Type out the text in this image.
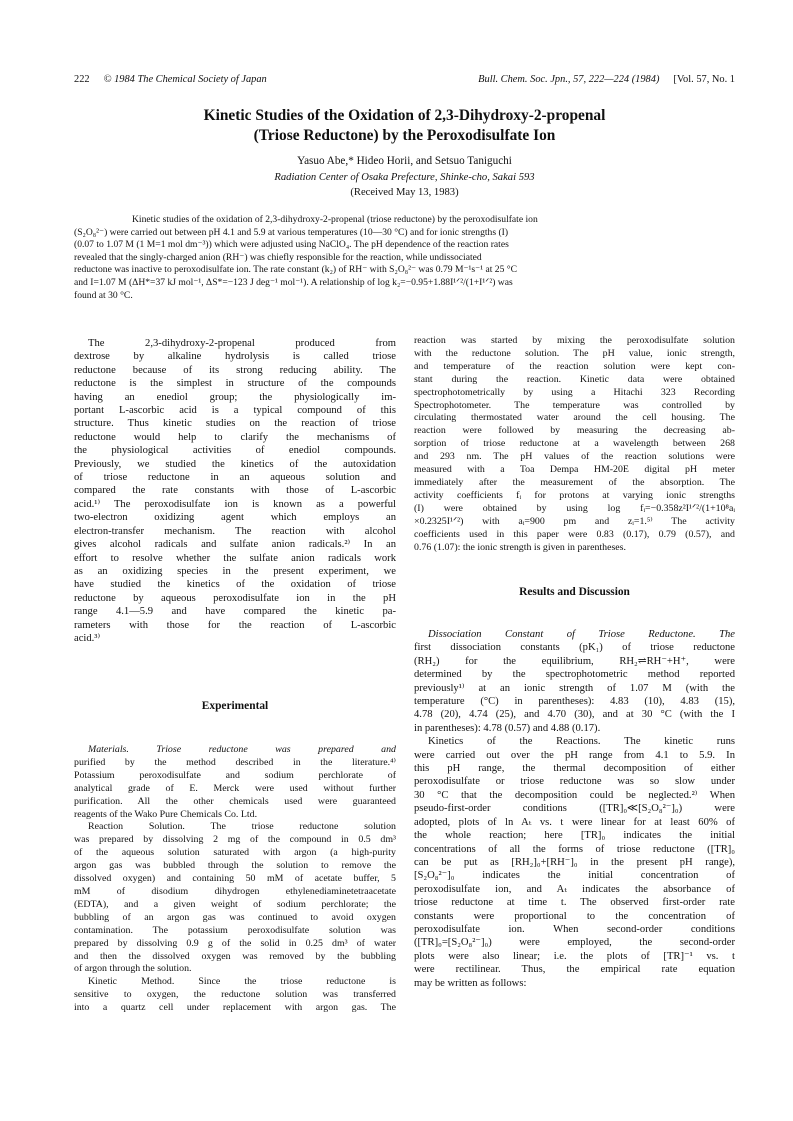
222 © 1984 The Chemical Society of Japan	Bull. Chem. Soc. Jpn., 57, 222—224 (1984) [Vol. 57, No. 1
Kinetic Studies of the Oxidation of 2,3-Dihydroxy-2-propenal
(Triose Reductone) by the Peroxodisulfate Ion
Yasuo Abe,* Hideo Horii, and Setsuo Taniguchi
Radiation Center of Osaka Prefecture, Shinke-cho, Sakai 593
(Received May 13, 1983)
Kinetic studies of the oxidation of 2,3-dihydroxy-2-propenal (triose reductone) by the peroxodisulfate ion
(S₂O₈²⁻) were carried out between pH 4.1 and 5.9 at various temperatures (10—30 °C) and for ionic strengths (I)
(0.07 to 1.07 M (1 M=1 mol dm⁻³)) which were adjusted using NaClO₄. The pH dependence of the reaction rates
revealed that the singly-charged anion (RH⁻) was chiefly responsible for the reaction, while undissociated
reductone was inactive to peroxodisulfate ion. The rate constant (k₂) of RH⁻ with S₂O₈²⁻ was 0.79 M⁻¹s⁻¹ at 25 °C
and I=1.07 M (ΔH*=37 kJ mol⁻¹, ΔS*=−123 J deg⁻¹ mol⁻¹). A relationship of log k₂=−0.95+1.88I¹ᐟ²/(1+I¹ᐟ²) was
found at 30 °C.
The 2,3-dihydroxy-2-propenal produced from
dextrose by alkaline hydrolysis is called triose
reductone because of its strong reducing ability. The
reductone is the simplest in structure of the compounds
having an enediol group; the physiologically im-
portant L-ascorbic acid is a typical compound of this
structure. Thus kinetic studies on the reaction of triose
reductone would help to clarify the mechanisms of
the physiological activities of enediol compounds.
Previously, we studied the kinetics of the autoxidation
of triose reductone in an aqueous solution and
compared the rate constants with those of L-ascorbic
acid.¹⁾ The peroxodisulfate ion is known as a powerful
two-electron oxidizing agent which employs an
electron-transfer mechanism. The reaction with alcohol
gives alcohol radicals and sulfate anion radicals.²⁾ In an
effort to resolve whether the sulfate anion radicals work
as an oxidizing species in the present experiment, we
have studied the kinetics of the oxidation of triose
reductone by aqueous peroxodisulfate ion in the pH
range 4.1—5.9 and have compared the kinetic pa-
rameters with those for the reaction of L-ascorbic
acid.³⁾
Experimental
Materials. Triose reductone was prepared and
purified by the method described in the literature.⁴⁾
Potassium peroxodisulfate and sodium perchlorate of
analytical grade of E. Merck were used without further
purification. All the other chemicals used were guaranteed
reagents of the Wako Pure Chemicals Co. Ltd.
Reaction Solution. The triose reductone solution
was prepared by dissolving 2 mg of the compound in 0.5 dm³
of the aqueous solution saturated with argon (a high-purity
argon gas was bubbled through the solution to remove the
dissolved oxygen) and containing 50 mM of acetate buffer, 5
mM of disodium dihydrogen ethylenediaminetetraacetate
(EDTA), and a given weight of sodium perchlorate; the
bubbling of an argon gas was continued to avoid oxygen
contamination. The potassium peroxodisulfate solution was
prepared by dissolving 0.9 g of the solid in 0.25 dm³ of water
and then the dissolved oxygen was removed by the bubbling
of argon through the solution.
Kinetic Method. Since the triose reductone is
sensitive to oxygen, the reductone solution was transferred
into a quartz cell under replacement with argon gas. The
reaction was started by mixing the peroxodisulfate solution
with the reductone solution. The pH value, ionic strength,
and temperature of the reaction solution were kept con-
stant during the reaction. Kinetic data were obtained
spectrophotometrically by using a Hitachi 323 Recording
Spectrophotometer. The temperature was controlled by
circulating thermostated water around the cell housing. The
reaction were followed by measuring the decreasing ab-
sorption of triose reductone at a wavelength between 268
and 293 nm. The pH values of the reaction solutions were
measured with a Toa Dempa HM-20E digital pH meter
immediately after the measurement of the absorption. The
activity coefficients fᵢ for protons at varying ionic strengths
(I) were obtained by using log fᵢ=−0.358z²I¹ᐟ²/(1+10⁸aᵢ
×0.2325I¹ᐟ²) with aᵢ=900 pm and zᵢ=1.⁵⁾ The activity
coefficients used in this paper were 0.83 (0.17), 0.79 (0.57), and
0.76 (1.07): the ionic strength is given in parentheses.
Results and Discussion
Dissociation Constant of Triose Reductone. The
first dissociation constants (pK₁) of triose reductone
(RH₂) for the equilibrium, RH₂⇌RH⁻+H⁺, were
determined by the spectrophotometric method reported
previously¹⁾ at an ionic strength of 1.07 M (with the
temperature (°C) in parentheses): 4.83 (10), 4.83 (15),
4.78 (20), 4.74 (25), and 4.70 (30), and at 30 °C (with the I
in parentheses): 4.78 (0.57) and 4.88 (0.17).
Kinetics of the Reactions. The kinetic runs
were carried out over the pH range from 4.1 to 5.9. In
this pH range, the thermal decomposition of either
peroxodisulfate or triose reductone was so slow under
30 °C that the decomposition could be neglected.²⁾ When
pseudo-first-order conditions ([TR]₀≪[S₂O₈²⁻]₀) were
adopted, plots of ln Aₜ vs. t were linear for at least 60% of
the whole reaction; here [TR]₀ indicates the initial
concentrations of all the forms of triose reductone ([TR]₀
can be put as [RH₂]₀+[RH⁻]₀ in the present pH range),
[S₂O₈²⁻]₀ indicates the initial concentration of
peroxodisulfate ion, and Aₜ indicates the absorbance of
triose reductone at time t. The observed first-order rate
constants were proportional to the concentration of
peroxodisulfate ion. When second-order conditions
([TR]₀=[S₂O₈²⁻]₀) were employed, the second-order
plots were also linear; i.e. the plots of [TR]⁻¹ vs. t
were rectilinear. Thus, the empirical rate equation
may be written as follows:
